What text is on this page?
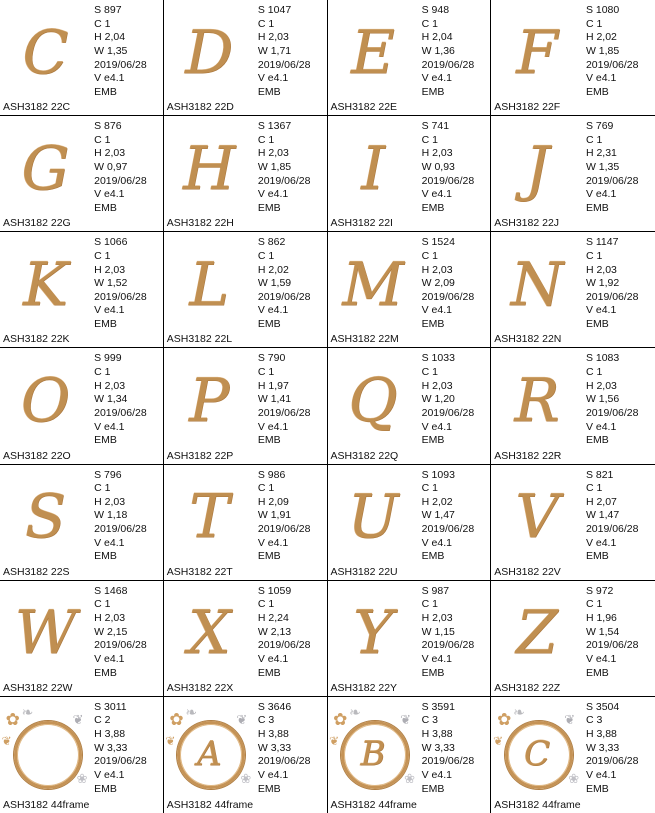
C
S 897
C 1
H 2,04
W 1,35
2019/06/28
V e4.1
EMB
ASH3182 22C
D
S 1047
C 1
H 2,03
W 1,71
2019/06/28
V e4.1
EMB
ASH3182 22D
E
S 948
C 1
H 2,04
W 1,36
2019/06/28
V e4.1
EMB
ASH3182 22E
F
S 1080
C 1
H 2,02
W 1,85
2019/06/28
V e4.1
EMB
ASH3182 22F
G
S 876
C 1
H 2,03
W 0,97
2019/06/28
V e4.1
EMB
ASH3182 22G
H
S 1367
C 1
H 2,03
W 1,85
2019/06/28
V e4.1
EMB
ASH3182 22H
I
S 741
C 1
H 2,03
W 0,93
2019/06/28
V e4.1
EMB
ASH3182 22I
J
S 769
C 1
H 2,31
W 1,35
2019/06/28
V e4.1
EMB
ASH3182 22J
K
S 1066
C 1
H 2,03
W 1,52
2019/06/28
V e4.1
EMB
ASH3182 22K
L
S 862
C 1
H 2,02
W 1,59
2019/06/28
V e4.1
EMB
ASH3182 22L
M
S 1524
C 1
H 2,03
W 2,09
2019/06/28
V e4.1
EMB
ASH3182 22M
N
S 1147
C 1
H 2,03
W 1,92
2019/06/28
V e4.1
EMB
ASH3182 22N
O
S 999
C 1
H 2,03
W 1,34
2019/06/28
V e4.1
EMB
ASH3182 22O
P
S 790
C 1
H 1,97
W 1,41
2019/06/28
V e4.1
EMB
ASH3182 22P
Q
S 1033
C 1
H 2,03
W 1,20
2019/06/28
V e4.1
EMB
ASH3182 22Q
R
S 1083
C 1
H 2,03
W 1,56
2019/06/28
V e4.1
EMB
ASH3182 22R
S
S 796
C 1
H 2,03
W 1,18
2019/06/28
V e4.1
EMB
ASH3182 22S
T
S 986
C 1
H 2,09
W 1,91
2019/06/28
V e4.1
EMB
ASH3182 22T
U
S 1093
C 1
H 2,02
W 1,47
2019/06/28
V e4.1
EMB
ASH3182 22U
V
S 821
C 1
H 2,07
W 1,47
2019/06/28
V e4.1
EMB
ASH3182 22V
W
S 1468
C 1
H 2,03
W 2,15
2019/06/28
V e4.1
EMB
ASH3182 22W
X
S 1059
C 1
H 2,24
W 2,13
2019/06/28
V e4.1
EMB
ASH3182 22X
Y
S 987
C 1
H 2,03
W 1,15
2019/06/28
V e4.1
EMB
ASH3182 22Y
Z
S 972
C 1
H 1,96
W 1,54
2019/06/28
V e4.1
EMB
ASH3182 22Z
✿ ❧	❦
❀
❦
S 3011
C 2
H 3,88
W 3,33
2019/06/28
V e4.1
EMB
ASH3182 44frame
✿ ❧	❦
❀
❦ A
S 3646
C 3
H 3,88
W 3,33
2019/06/28
V e4.1
EMB
ASH3182 44frame
✿ ❧	❦
❀
❦ B
S 3591
C 3
H 3,88
W 3,33
2019/06/28
V e4.1
EMB
ASH3182 44frame
✿ ❧	❦
❀
❦ C
S 3504
C 3
H 3,88
W 3,33
2019/06/28
V e4.1
EMB
ASH3182 44frame
